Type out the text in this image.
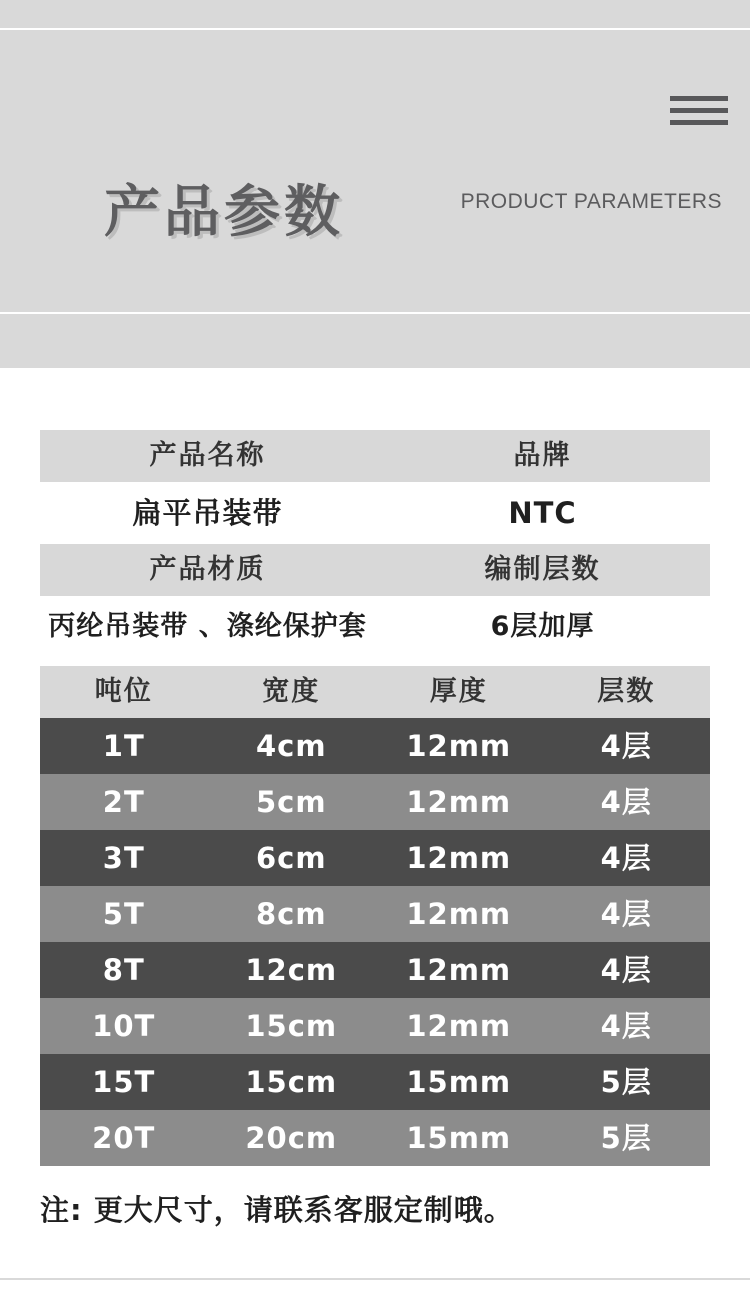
产品参数	PRODUCT PARAMETERS
产品名称	品牌
扁平吊装带	NTC
产品材质	编制层数
丙纶吊装带 、涤纶保护套	6层加厚
吨位	宽度	厚度	层数
1T	4cm	12mm	4层
2T	5cm	12mm	4层
3T	6cm	12mm	4层
5T	8cm	12mm	4层
8T	12cm	12mm	4层
10T	15cm	12mm	4层
15T	15cm	15mm	5层
20T	20cm	15mm	5层
注: 更大尺寸，请联系客服定制哦。
